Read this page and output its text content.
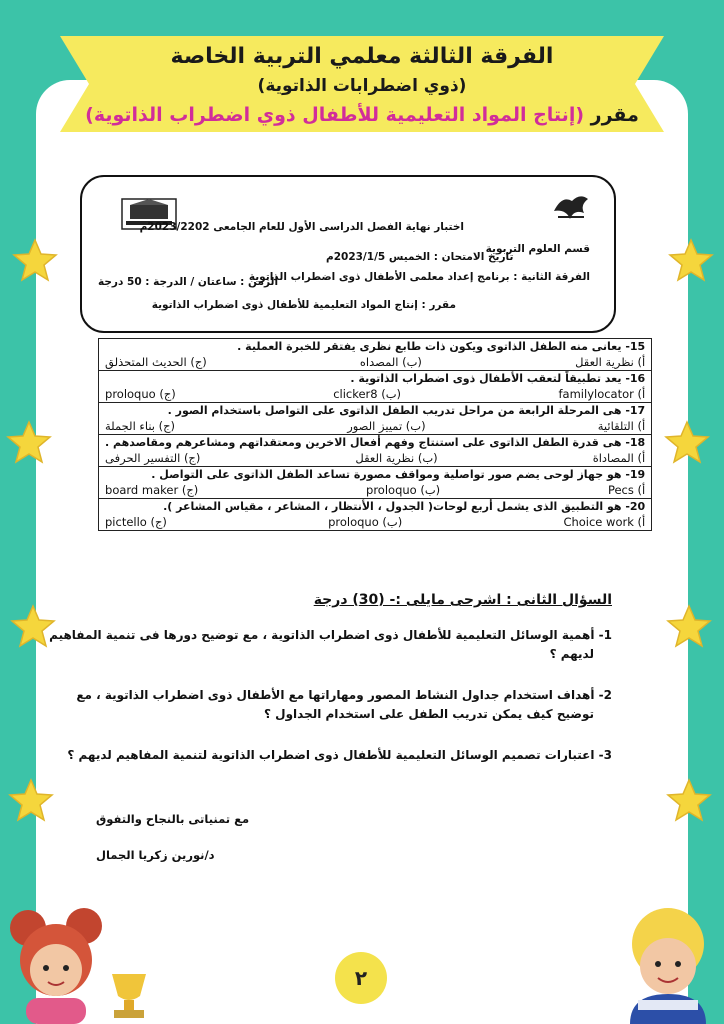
الفرقة الثالثة معلمي التربية الخاصة
(ذوي اضطرابات الذاتوية)
مقرر (إنتاج المواد التعليمية للأطفال ذوي اضطراب الذاتوية)
اختبار نهاية الفصل الدراسى الأول للعام الجامعى 2023/2202م
قسم العلوم التربوية
تاريخ الامتحان : الخميس 2023/1/5م
الفرقة الثانية : برنامج إعداد معلمى الأطفال ذوى اضطراب الذاتوية
الزمن : ساعتان / الدرجة : 50 درجة
مقرر : إنتاج المواد التعليمية للأطفال ذوى اضطراب الذاتوية
15- يعانى منه الطفل الذاتوى ويكون ذات طابع نظرى يفتقر للخبرة العملية .
أ) نظرية العقل
(ب) المصداه
(ج) الحديث المتحذلق

16- يعد تطبيقاً لتعقب الأطفال ذوى اضطراب الذاتوية .
أ) familylocator
(ب) clicker8
(ج) proloquo

17- هى المرحلة الرابعة من مراحل تدريب الطفل الذاتوى على التواصل باستخدام الصور .
أ) التلقائية
(ب) تمييز الصور
(ج) بناء الجملة

18- هى قدرة الطفل الذاتوى على استنتاج وفهم أفعال الاخرين ومعتقداتهم ومشاعرهم ومقاصدهم .
أ) المصاداة
(ب) نظرية العقل
(ج) التفسير الحرفى

19- هو جهاز لوحى يضم صور تواصلية ومواقف مصورة تساعد الطفل الذاتوى على التواصل .
أ) Pecs
(ب) proloquo
(ج) board maker

20- هو التطبيق الذى يشمل أربع لوحات( الجدول ، الأنتظار ، المشاعر ، مقياس المشاعر ).
أ) Choice work
(ب) proloquo
(ج) pictello
السؤال الثانى : اشرحى مايلى :- (30) درجة
1- أهمية الوسائل التعليمية للأطفال ذوى اضطراب الذاتوية ، مع توضيح دورها فى تنمية المفاهيم
لديهم ؟
2- أهداف استخدام جداول النشاط المصور ومهاراتها مع الأطفال ذوى اضطراب الذاتوية ، مع
توضيح كيف يمكن تدريب الطفل على استخدام الجداول ؟
3- اعتبارات تصميم الوسائل التعليمية للأطفال ذوى اضطراب الذاتوية لتنمية المفاهيم لديهم ؟
مع تمنياتى بالنجاح والتفوق
د/نورين زكريا الجمال
٢
